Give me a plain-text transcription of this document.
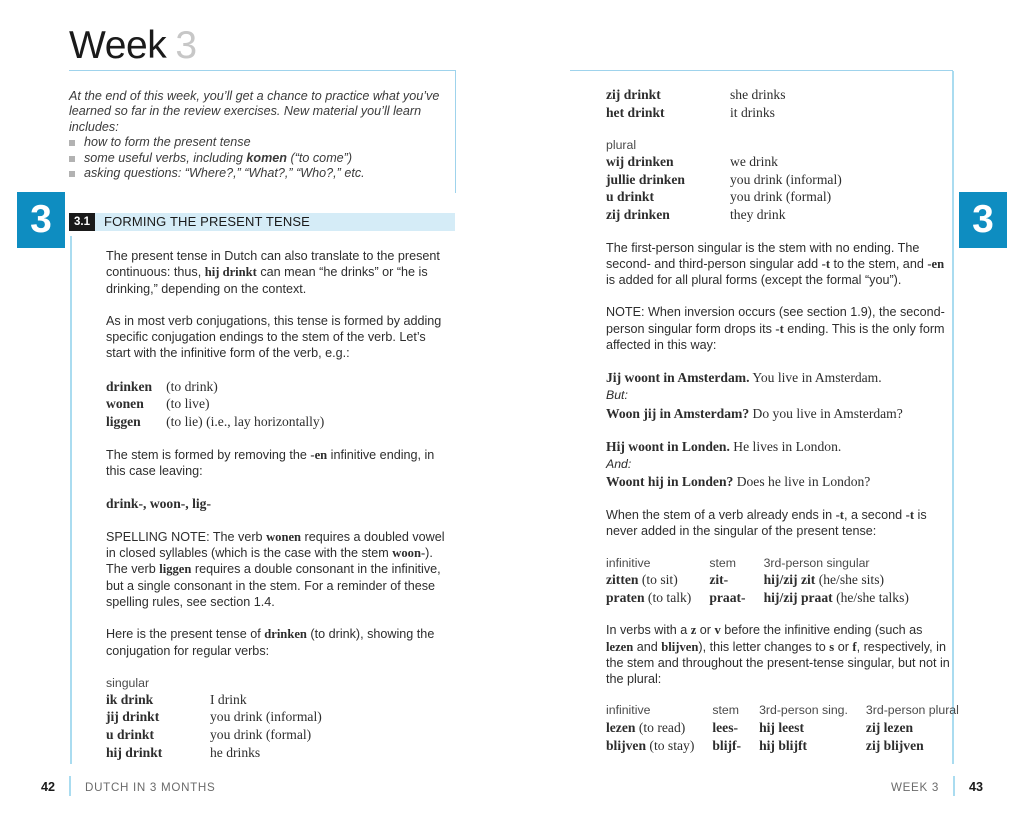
Week 3
At the end of this week, you’ll get a chance to practice what you’ve learned so far in the review exercises. New material you’ll learn includes:
how to form the present tense
some useful verbs, including komen (“to come”)
asking questions: “Where?,” “What?,” “Who?,” etc.
3	3.1	FORMING THE PRESENT TENSE

The present tense in Dutch can also translate to the present continuous: thus, hij drinkt can mean “he drinks” or “he is drinking,” depending on the context.

As in most verb conjugations, this tense is formed by adding specific conjugation endings to the stem of the verb. Let’s start with the infinitive form of the verb, e.g.:

drinken	(to drink)
wonen	(to live)
liggen	(to lie) (i.e., lay horizontally)

The stem is formed by removing the -en infinitive ending, in this case leaving:

drink-, woon-, lig-

SPELLING NOTE: The verb wonen requires a doubled vowel in closed syllables (which is the case with the stem woon-). The verb liggen requires a double consonant in the infinitive, but a single consonant in the stem. For a reminder of these spelling rules, see section 1.4.

Here is the present tense of drinken (to drink), showing the conjugation for regular verbs:

singular
ik drink	I drink
jij drinkt	you drink (informal)
u drinkt	you drink (formal)
hij drinkt	he drinks
42	DUTCH IN 3 MONTHS
3
zij drinkt	she drinks
het drinkt	it drinks
plural
wij drinken	we drink
jullie drinken	you drink (informal)
u drinkt	you drink (formal)
zij drinken	they drink

The first-person singular is the stem with no ending. The second- and third-person singular add -t to the stem, and -en is added for all plural forms (except the formal “you”).

NOTE: When inversion occurs (see section 1.9), the second-person singular form drops its -t ending. This is the only form affected in this way:

Jij woont in Amsterdam. You live in Amsterdam.
But:
Woon jij in Amsterdam? Do you live in Amsterdam?
Hij woont in Londen. He lives in London.
And:
Woont hij in Londen? Does he live in London?

When the stem of a verb already ends in -t, a second -t is never added in the singular of the present tense:

infinitive	stem	3rd-person singular
zitten (to sit)	zit-	hij/zij zit (he/she sits)
praten (to talk)	praat-	hij/zij praat (he/she talks)

In verbs with a z or v before the infinitive ending (such as lezen and blijven), this letter changes to s or f, respectively, in the stem and throughout the present-tense singular, but not in the plural:

infinitive	stem	3rd-person sing.	3rd-person plural
lezen (to read)	lees-	hij leest	zij lezen
blijven (to stay)	blijf-	hij blijft	zij blijven
WEEK 3 43
